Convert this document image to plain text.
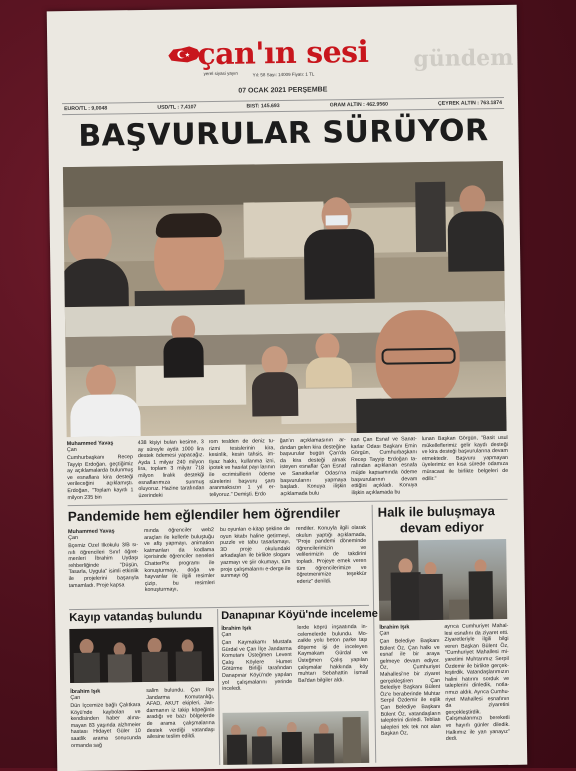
çan'ın sesi
yerel siyasi yayın	Yıl: 58 Sayı: 14009 Fiyatı: 1 TL
gündem
07 OCAK 2021 PERŞEMBE
EURO/TL : 9,0048	USD/TL : 7,4107	BIST: 145.693	GRAM ALTIN : 462.9560	ÇEYREK ALTIN : 763.1874
BAŞVURULAR SÜRÜYOR
Muhammed Yavaş
Çan
Cumhurbaşkanı Recep Tayyip Erdoğan, geçtiğimiz ay açıklamalarda bulunmuş ve esnaflara kira desteği verileceğini açıklamıştı. Erdoğan, "Toplam kayıtlı 1 milyon 235 bin
438 kişiyi bulan kesime, 3 ay süreyle ayda 1000 lira destek ödemesi yapacağız. Ayda 1 milyar 240 milyon lira, toplam 3 milyar 718 milyon liralık destekği esnaflarımıza sunmuş oluyoruz. Hazine tarafından üzerindeki
rom teslden de deniz turizmi tesislerinin kira, kesinlik, kesin tahsis, imtiyaz hakkı, kullanma izni, ipotek ve hasılat payı larının ile ecrimisillerin ödeme sürelerini başvuru şartı aranmaksızın 1 yıl erteliyoruz." Demişti. Erdo
ğan'ın açıklamasının ardından gelen kira desteğine başvurular bugün Çan'da da kira desteği almak isteyen esnaflar Çan Esnaf ve Sanatkarlar Odası'na başvurularını yapmaya başladı. Konuya ilişkin açıklamada bulu
nan Çan Esnaf ve Sanatkarlar Odası Başkanı Emin Görgün, Cumhurbaşkanı Recep Tayyip Erdoğan tarafından açıklanan esnafa müjde kapsamında ödeme başvurularının devam ettiğini açıkladı. Konuya ilişkin açıklamada bu
lunan Başkan Görgün, "Basit usul mükelleflerimiz gelir kaydı desteği ve kira desteği başvurularına devam etmektedir. Başvuru yapmayan üyelerimiz en kısa sürede odamıza müracaat ile birlikte belgeleri de edilir."
Pandemide hem eğlendiler hem öğrendiler
Muhammed Yavaş
Çan
Bçemiz Özel İlkokulu 3/B sınıfı öğrencileri Sınıf öğretmenleri İbrahim Uydaşı rehberliğinde "Düşün, Tasarla, Uygula" isimli etkinlik ile projelerini başarıyla tamamladı. Proje kapsa
mında öğrenciler web2 araçları ile kellerle buluştuğu ve afiş yapmayı, animation katmanları da kodlama içerisinde öğrenciler neneleri ChatterPix programı ile konuşturmayı, doğa ve hayvanlar ile ilgili resimler çizip, bu resimleri konuşturmayı,
bu oyunları e-kitap şekline de oyun kitabı haline getirmeyi, puzzle ve tabu tasarlamayı, 3D proje okulundaki arkadaşları ile birlikte sloganı yazmayı ve şiir okumayı, tüm proje çalışmalarını e-derge ile sunmayı öğ
rendiler. Konuyla ilgili olarak okulun yaptığı açıklamada, "Proje pandemi döneminde öğrencilerimizin ve velilerimizin de takdirini topladı. Projeye emek veren tüm öğrencilerimize ve öğretmenimize teşekkür ederiz" denildi.
Halk ile buluşmaya
devam ediyor
İbrahim Işık
Çan
Çan Belediye Başkanı Bülent Öz, Çan halkı ve esnaf ile bir araya gelmeye devam ediyor. Öz, Çumhuriyet Mahallesi'ne bir ziyaret gerçekleştiren Çan Belediye Başkanı Bülent Öz'e beraberinde Muhtar Serpil Özdemir ile eşlik Çan Belediye Başkanı Bülent Öz, vatandaşların taleplerini dinledi. Tebliatı talepleri tek tek not alan Başkan Öz,
ayrıca Cumhuriyet Mahallesi esnafını da ziyaret etti. Ziyaretleriyle ilgili bilgi veren Başkan Bülent Öz, "Cumhuriyet Mahallesi miyaretimi Muhtarımız Serpil Özdemir ile birlikte gerçekleştirdik. Vatandaşlarımızın halini hatırını sorduk ve taleplerini dinledik, notlarımızı aldık. Ayrıca Cumhuriyet Mahallesi esnafının da ziyaretini gerçekleştirdik. Çalışmalarımızı bereketli ve hayırlı günler diledik. Halkımız ile yan yanayız" dedi.
Kayıp vatandaş bulundu
İbrahim Işık
Çan
Dün İçcemize bağlı Çalıtkara Köyü'nde kaybolan ve kendisinden haber alınamayan 83 yaşında alzhmeier hastası Hidayet Güler 10 saatlik arama sonucunda ormanda sağ
salim bulundu. Çan İlçe Jandarma Komutanlığı, AFAD, AKUT ekipleri, Jandarmanın iz takip köpeğinin aradığı ve bazı bölgelerde de arama çalışmalarına destek verdiği vatandaşı ailesine teslim edildi.
Danapınar Köyü'nde inceleme
İbrahim Işık
Çan
Çan Kaymakamı Mustafa Gürdal ve Çan İlçe Jandarma Komutanı Üsteğmen Levent Çalış Köylere Humet Götürme Birliği tarafından Danapınar Köyü'nde yapılan yol çalışmalarını yerinde inceledi.
lerde köprü inşaatında incelemelerde bulundu. Mozaikle yolu beton parke taşı döşeme işi de inceleyen Kaymakam Gürdal ve Üsteğmen Çalış yapılan çalışmalar hakkında köy muhtarı Sebahattin İsmail Bal'dan bilgiler aldı.
